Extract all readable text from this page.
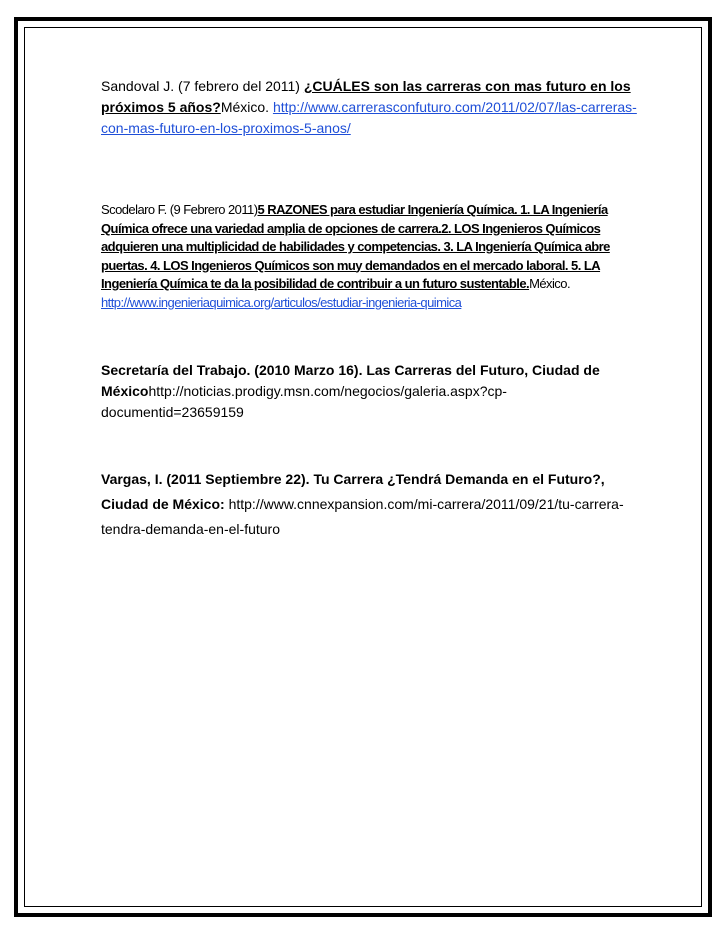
Sandoval J. (7 febrero del 2011) ¿CUÁLES son las carreras con mas futuro en los próximos 5 años?México. http://www.carrerasconfuturo.com/2011/02/07/las-carreras-con-mas-futuro-en-los-proximos-5-anos/

Scodelaro F. (9 Febrero 2011)5 RAZONES para estudiar Ingeniería Química. 1. LA Ingeniería Química ofrece una variedad amplia de opciones de carrera.2. LOS Ingenieros Químicos adquieren una multiplicidad de habilidades y competencias. 3. LA Ingeniería Química abre puertas. 4. LOS Ingenieros Químicos son muy demandados en el mercado laboral. 5. LA Ingeniería Química te da la posibilidad de contribuir a un futuro sustentable.México. http://www.ingenieriaquimica.org/articulos/estudiar-ingenieria-quimica

Secretaría del Trabajo. (2010 Marzo 16). Las Carreras del Futuro, Ciudad de Méxicohttp://noticias.prodigy.msn.com/negocios/galeria.aspx?cp-documentid=23659159

Vargas, I. (2011 Septiembre 22). Tu Carrera ¿Tendrá Demanda en el Futuro?, Ciudad de México: http://www.cnnexpansion.com/mi-carrera/2011/09/21/tu-carrera-tendra-demanda-en-el-futuro
